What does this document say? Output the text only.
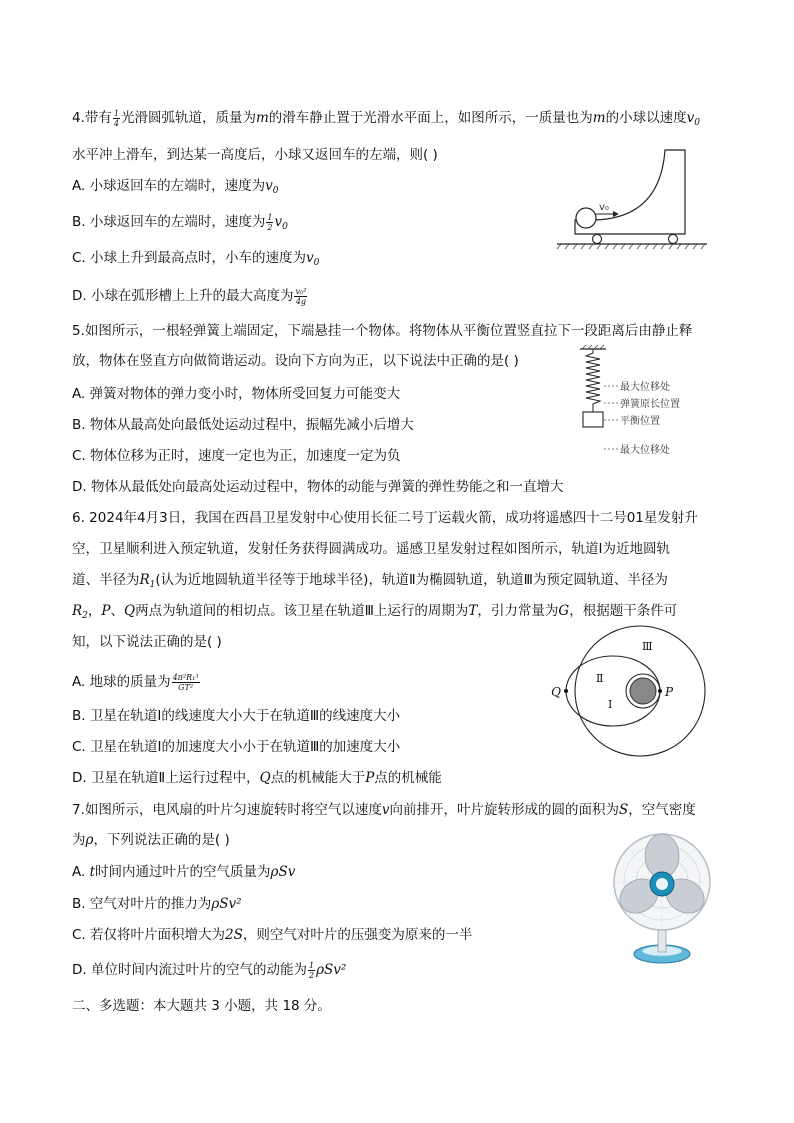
4.带有 $\frac{1}{4}$ 光滑圆弧轨道，质量为m的滑车静止置于光滑水平面上，如图所示，一质量也为m的小球以速度$v_0$
水平冲上滑车，到达某一高度后，小球又返回车的左端，则( )
A. 小球返回车的左端时，速度为$v_0$
B. 小球返回车的左端时，速度为 $\frac{1}{2} v_0$
C. 小球上升到最高点时，小车的速度为$v_0$
D. 小球在弧形槽上上升的最大高度为 $\frac{\text{v₀²}}{4g}$
v₀
5.如图所示，一根轻弹簧上端固定，下端悬挂一个物体。将物体从平衡位置竖直拉下一段距离后由静止释
放，物体在竖直方向做简谐运动。设向下方向为正，以下说法中正确的是( )
A. 弹簧对物体的弹力变小时，物体所受回复力可能变大
B. 物体从最高处向最低处运动过程中，振幅先减小后增大
C. 物体位移为正时，速度一定也为正，加速度一定为负
D. 物体从最低处向最高处运动过程中，物体的动能与弹簧的弹性势能之和一直增大
最大位移处
弹簧原长位置
平衡位置
最大位移处
6. 2024年4月3日，我国在西昌卫星发射中心使用长征二号丁运载火箭，成功将遥感四十二号01星发射升
空，卫星顺利进入预定轨道，发射任务获得圆满成功。遥感卫星发射过程如图所示，轨道Ⅰ为近地圆轨
道、半径为$R_1$(认为近地圆轨道半径等于地球半径)，轨道Ⅱ为椭圆轨道，轨道Ⅲ为预定圆轨道、半径为
$R_2$，P、Q两点为轨道间的相切点。该卫星在轨道Ⅲ上运行的周期为T，引力常量为G，根据题干条件可
知，以下说法正确的是( )
A. 地球的质量为 $\frac{\text{4π²R₁³}}{\text{GT²}}$
B. 卫星在轨道Ⅰ的线速度大小大于在轨道Ⅲ的线速度大小
C. 卫星在轨道Ⅰ的加速度大小小于在轨道Ⅲ的加速度大小
D. 卫星在轨道Ⅱ上运行过程中，Q点的机械能大于P点的机械能
Q	P
Ⅰ
Ⅱ
Ⅲ
7.如图所示，电风扇的叶片匀速旋转时将空气以速度v向前排开，叶片旋转形成的圆的面积为S，空气密度
为ρ，下列说法正确的是( )
A. t时间内通过叶片的空气质量为ρSv
B. 空气对叶片的推力为ρSv²
C. 若仅将叶片面积增大为2S，则空气对叶片的压强变为原来的一半
D. 单位时间内流过叶片的空气的动能为 $\frac{1}{2} \rho Sv^2$
二、多选题：本大题共 3 小题，共 18 分。
